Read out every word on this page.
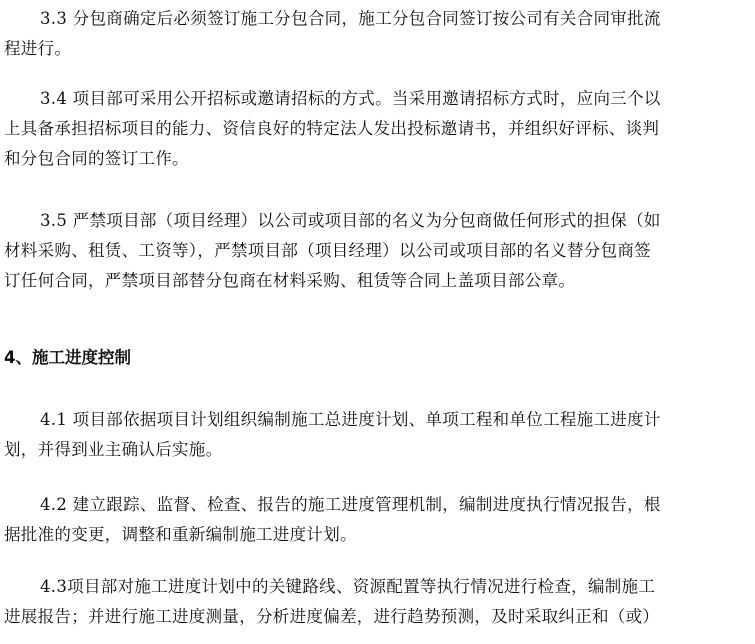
3.3 分包商确定后必须签订施工分包合同，施工分包合同签订按公司有关合同审批流
程进行。
3.4 项目部可采用公开招标或邀请招标的方式。当采用邀请招标方式时，应向三个以
上具备承担招标项目的能力、资信良好的特定法人发出投标邀请书，并组织好评标、谈判
和分包合同的签订工作。
3.5 严禁项目部（项目经理）以公司或项目部的名义为分包商做任何形式的担保（如
材料采购、租赁、工资等），严禁项目部（项目经理）以公司或项目部的名义替分包商签
订任何合同，严禁项目部替分包商在材料采购、租赁等合同上盖项目部公章。
4、施工进度控制
4.1 项目部依据项目计划组织编制施工总进度计划、单项工程和单位工程施工进度计
划，并得到业主确认后实施。
4.2 建立跟踪、监督、检查、报告的施工进度管理机制，编制进度执行情况报告，根
据批准的变更，调整和重新编制施工进度计划。
4.3项目部对施工进度计划中的关键路线、资源配置等执行情况进行检查，编制施工
进展报告；并进行施工进度测量，分析进度偏差，进行趋势预测，及时采取纠正和（或）
